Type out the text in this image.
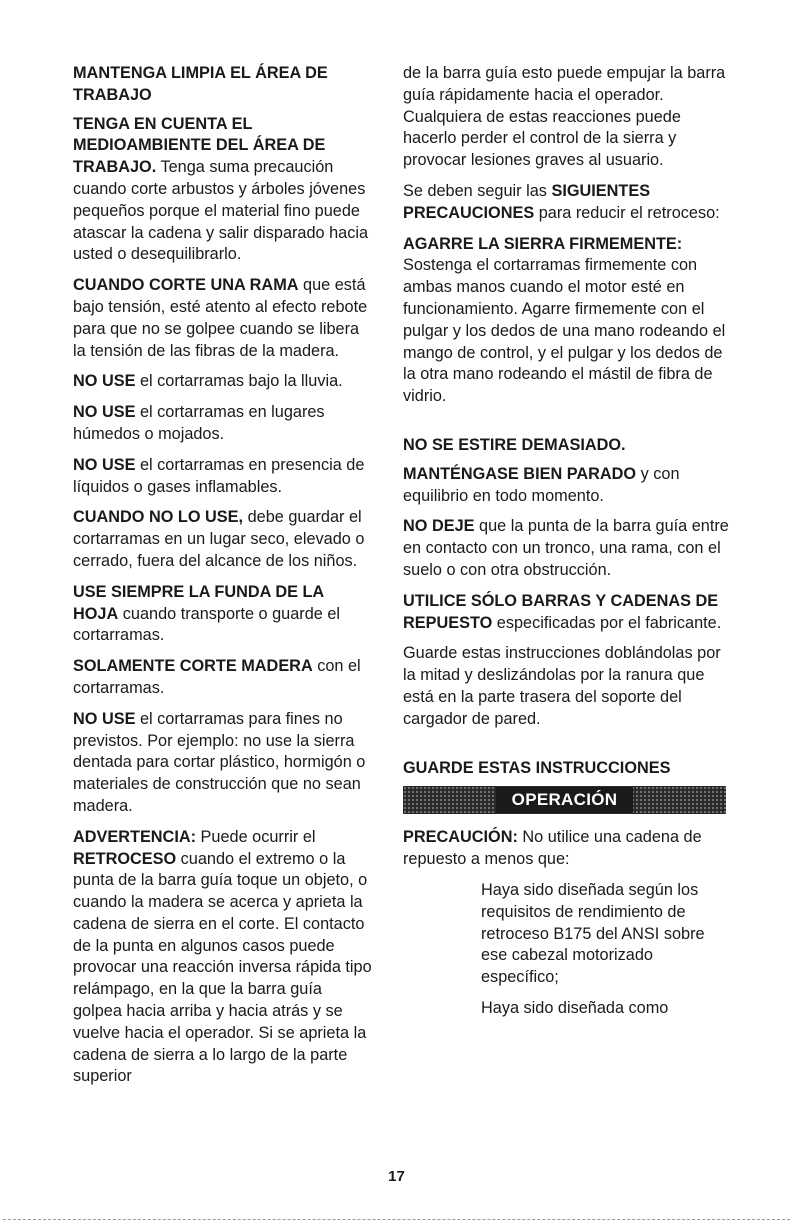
MANTENGA LIMPIA EL ÁREA DE TRABAJO

TENGA EN CUENTA EL MEDIOAMBIENTE DEL ÁREA DE TRABAJO. Tenga suma precaución cuando corte arbustos y árboles jóvenes pequeños porque el material fino puede atascar la cadena y salir disparado hacia usted o desequilibrarlo.

CUANDO CORTE UNA RAMA que está bajo tensión, esté atento al efecto rebote para que no se golpee cuando se libera la tensión de las fibras de la madera.

NO USE el cortarramas bajo la lluvia.

NO USE el cortarramas en lugares húmedos o mojados.

NO USE el cortarramas en presencia de líquidos o gases inflamables.

CUANDO NO LO USE, debe guardar el cortarramas en un lugar seco, elevado o cerrado, fuera del alcance de los niños.

USE SIEMPRE LA FUNDA DE LA HOJA cuando transporte o guarde el cortarramas.

SOLAMENTE CORTE MADERA con el cortarramas.

NO USE el cortarramas para fines no previstos. Por ejemplo: no use la sierra dentada para cortar plástico, hormigón o materiales de construcción que no sean madera.

ADVERTENCIA: Puede ocurrir el RETROCESO cuando el extremo o la punta de la barra guía toque un objeto, o cuando la madera se acerca y aprieta la cadena de sierra en el corte. El contacto de la punta en algunos casos puede provocar una reacción inversa rápida tipo relámpago, en la que la barra guía golpea hacia arriba y hacia atrás y se vuelve hacia el operador. Si se aprieta la cadena de sierra a lo largo de la parte superior

de la barra guía esto puede empujar la barra guía rápidamente hacia el operador. Cualquiera de estas reacciones puede hacerlo perder el control de la sierra y provocar lesiones graves al usuario.

Se deben seguir las SIGUIENTES PRECAUCIONES para reducir el retroceso:

AGARRE LA SIERRA FIRMEMENTE: Sostenga el cortarramas firmemente con ambas manos cuando el motor esté en funcionamiento. Agarre firmemente con el pulgar y los dedos de una mano rodeando el mango de control, y el pulgar y los dedos de la otra mano rodeando el mástil de fibra de vidrio.

NO SE ESTIRE DEMASIADO.

MANTÉNGASE BIEN PARADO y con equilibrio en todo momento.

NO DEJE que la punta de la barra guía entre en contacto con un tronco, una rama, con el suelo o con otra obstrucción.

UTILICE SÓLO BARRAS Y CADENAS DE REPUESTO especificadas por el fabricante.

Guarde estas instrucciones doblándolas por la mitad y deslizándolas por la ranura que está en la parte trasera del soporte del cargador de pared.

GUARDE ESTAS INSTRUCCIONES

OPERACIÓN

PRECAUCIÓN: No utilice una cadena de repuesto a menos que:

Haya sido diseñada según los requisitos de rendimiento de retroceso B175 del ANSI sobre ese cabezal motorizado específico;

Haya sido diseñada como

17
